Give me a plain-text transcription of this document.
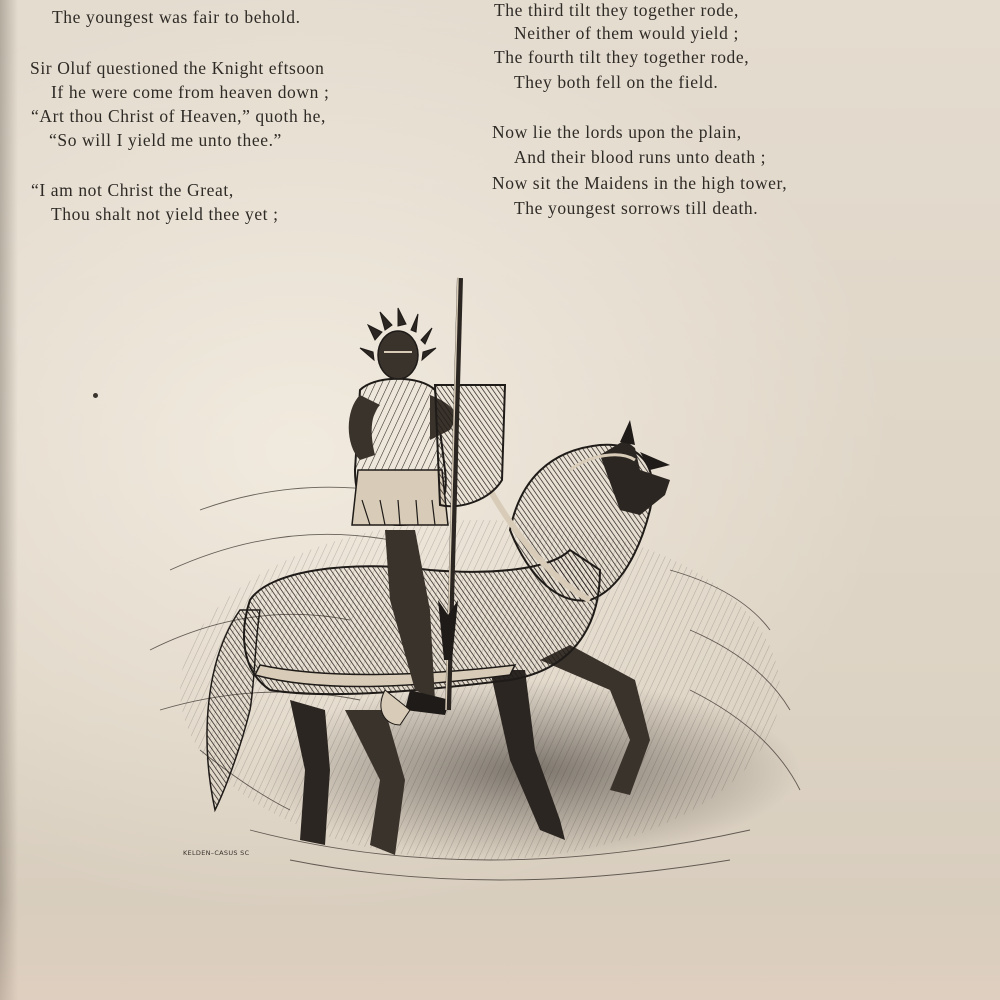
The youngest was fair to behold.
Sir Oluf questioned the Knight eftsoon
If he were come from heaven down ;
“Art thou Christ of Heaven,” quoth he,
“So will I yield me unto thee.”
“I am not Christ the Great,
Thou shalt not yield thee yet ;
The third tilt they together rode,
Neither of them would yield ;
The fourth tilt they together rode,
They both fell on the field.
Now lie the lords upon the plain,
And their blood runs unto death ;
Now sit the Maidens in the high tower,
The youngest sorrows till death.
KELDEN–CASUS SC
